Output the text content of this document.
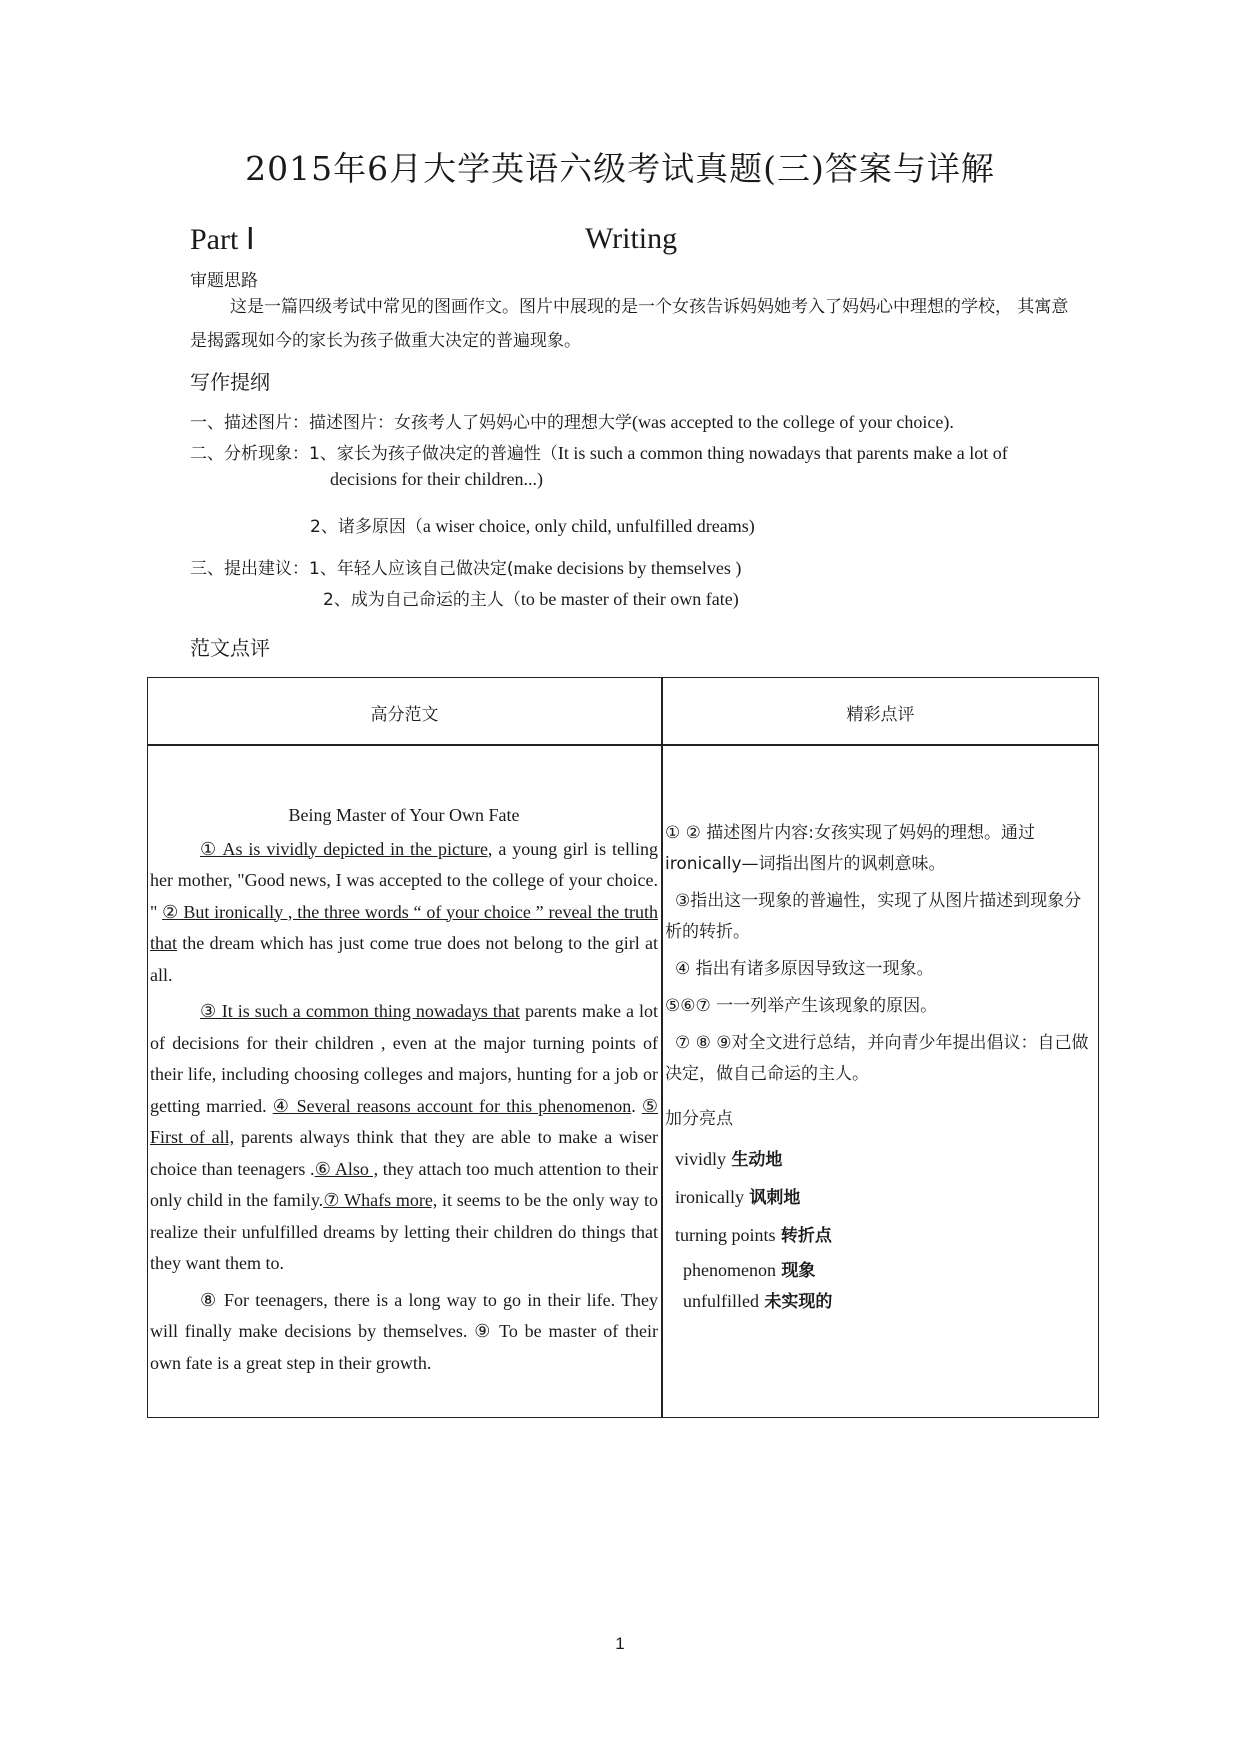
2015年6月大学英语六级考试真题(三)答案与详解
Part Ⅰ	Writing
审题思路
这是一篇四级考试中常见的图画作文。图片中展现的是一个女孩告诉妈妈她考入了妈妈心中理想的学校， 其寓意是揭露现如今的家长为孩子做重大决定的普遍现象。
写作提纲
一、描述图片：描述图片：女孩考人了妈妈心中的理想大学(was accepted to the college of your choice).
二、分析现象：1、家长为孩子做决定的普遍性（It is such a common thing nowadays that parents make a lot of
decisions for their children...)
2、诸多原因（a wiser choice, only child, unfulfilled dreams)
三、提出建议：1、年轻人应该自己做决定(make decisions by themselves )
2、成为自己命运的主人（to be master of their own fate)
范文点评
高分范文	精彩点评
Being Master of Your Own Fate

① As is vividly depicted in the picture, a young girl is telling her mother, "Good news, I was accepted to the college of your choice. " ② But ironically , the three words “ of your choice ” reveal the truth that the dream which has just come true does not belong to the girl at all.

③ It is such a common thing nowadays that parents make a lot of decisions for their children , even at the major turning points of their life, including choosing colleges and majors, hunting for a job or getting married. ④ Several reasons account for this phenomenon. ⑤ First of all, parents always think that they are able to make a wiser choice than teenagers .⑥ Also , they attach too much attention to their only child in the family.⑦ Whafs more, it seems to be the only way to realize their unfulfilled dreams by letting their children do things that they want them to.

⑧ For teenagers, there is a long way to go in their life. They will finally make decisions by themselves. ⑨ To be master of their own fate is a great step in their growth.

① ② 描述图片内容:女孩实现了妈妈的理想。通过ironically—词指出图片的讽刺意味。

③指出这一现象的普遍性，实现了从图片描述到现象分析的转折。

④ 指出有诸多原因导致这一现象。

⑤⑥⑦ 一一列举产生该现象的原因。

⑦ ⑧ ⑨对全文进行总结，并向青少年提出倡议：自己做决定，做自己命运的主人。

加分亮点

vividly 生动地

ironically 讽刺地

turning points 转折点

phenomenon 现象

unfulfilled 未实现的

1
